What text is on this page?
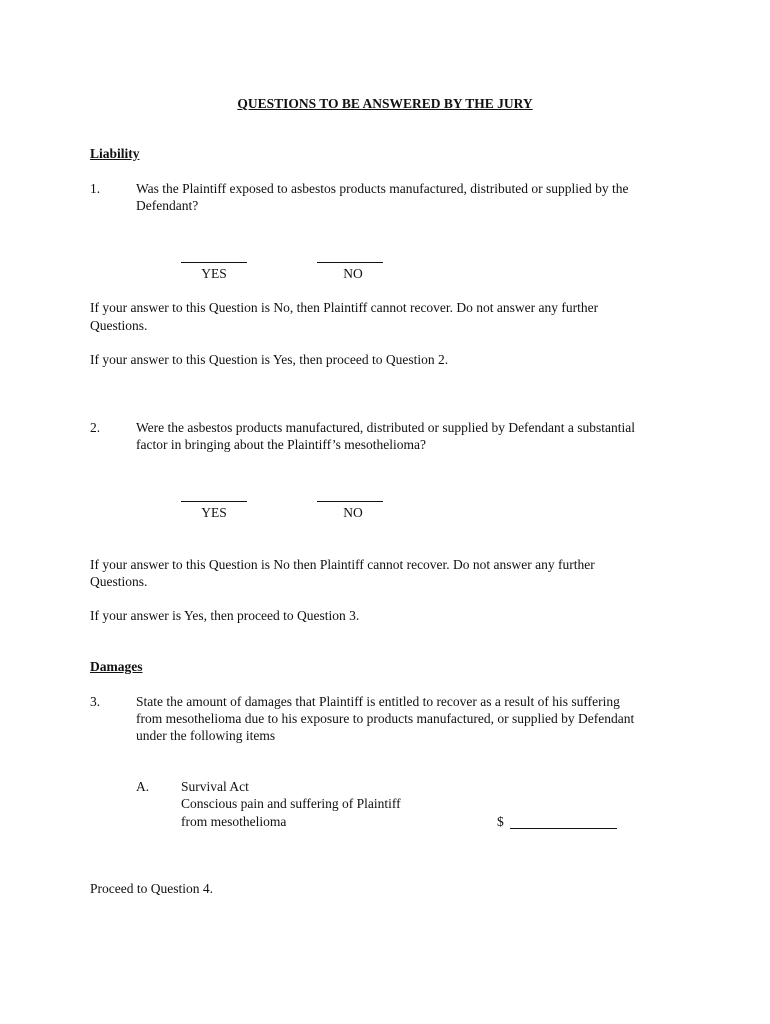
QUESTIONS TO BE ANSWERED BY THE JURY
Liability
1.	Was the Plaintiff exposed to asbestos products manufactured, distributed or supplied by the
Defendant?
YES	NO
If your answer to this Question is No, then Plaintiff cannot recover. Do not answer any further
Questions.
If your answer to this Question is Yes, then proceed to Question 2.
2.	Were the asbestos products manufactured, distributed or supplied by Defendant a substantial
factor in bringing about the Plaintiff’s mesothelioma?
YES	NO
If your answer to this Question is No then Plaintiff cannot recover. Do not answer any further
Questions.
If your answer is Yes, then proceed to Question 3.
Damages
3.	State the amount of damages that Plaintiff is entitled to recover as a result of his suffering
from mesothelioma due to his exposure to products manufactured, or supplied by Defendant
under the following items
A. Survival Act
Conscious pain and suffering of Plaintiff
from mesothelioma	$
Proceed to Question 4.
